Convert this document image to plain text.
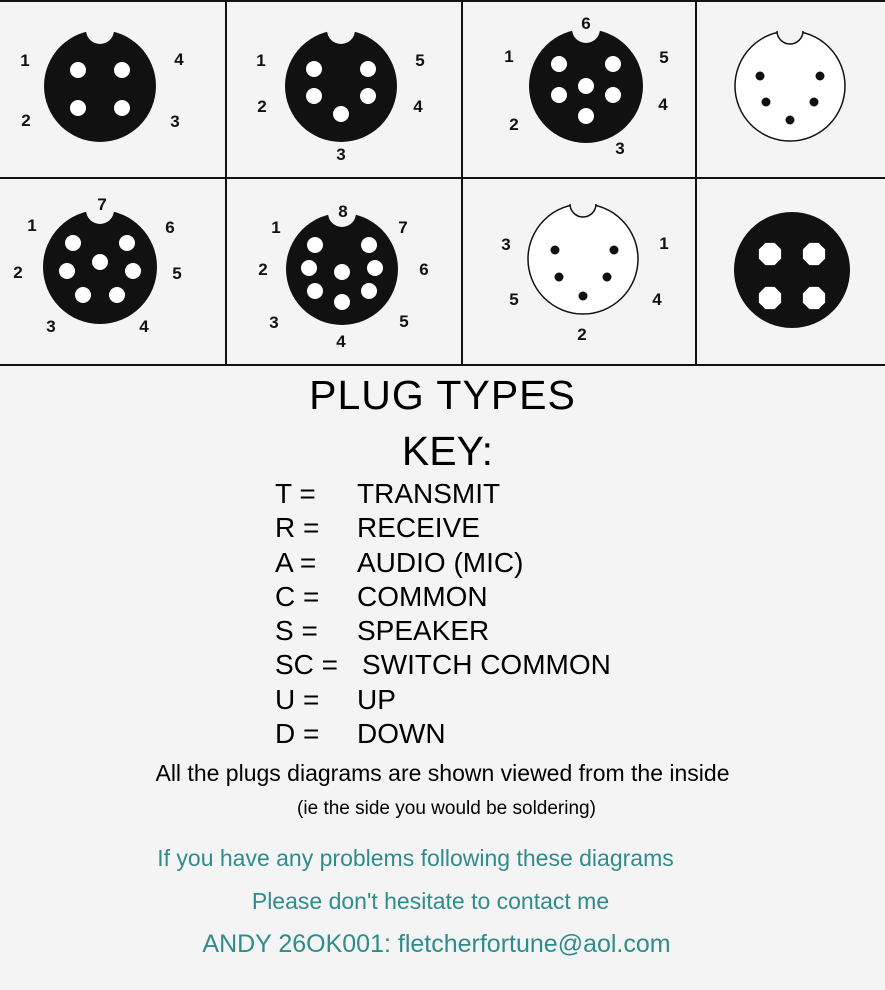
1
2	3
4	1
2
3
4
5	1
2
3
4
5
6
1
2
3	4
5
6
7
1
2
3
4
5
6
7
8
1
2
3
4
5
PLUG TYPES
KEY:
T = TRANSMIT
R = RECEIVE
A = AUDIO (MIC)
C = COMMON
S = SPEAKER
SC = SWITCH COMMON
U = UP
D = DOWN
All the plugs diagrams are shown viewed from the inside
(ie the side you would be soldering)
If you have any problems following these diagrams
Please don't hesitate to contact me
ANDY 26OK001: fletcherfortune@aol.com
